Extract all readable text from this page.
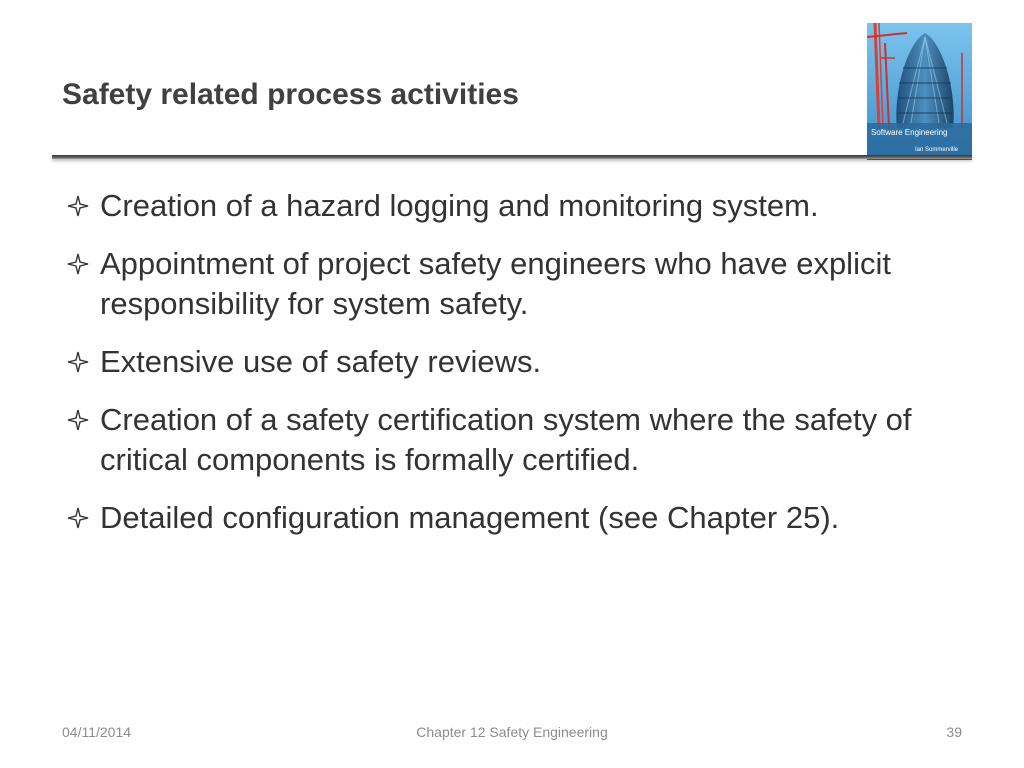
Safety related process activities
Software Engineering
Ian Sommerville
Creation of a hazard logging and monitoring system.
Appointment of project safety engineers who have explicit responsibility for system safety.
Extensive use of safety reviews.
Creation of a safety certification system where the safety of critical components is formally certified.
Detailed configuration management (see Chapter 25).
04/11/2014	Chapter 12 Safety Engineering	39
